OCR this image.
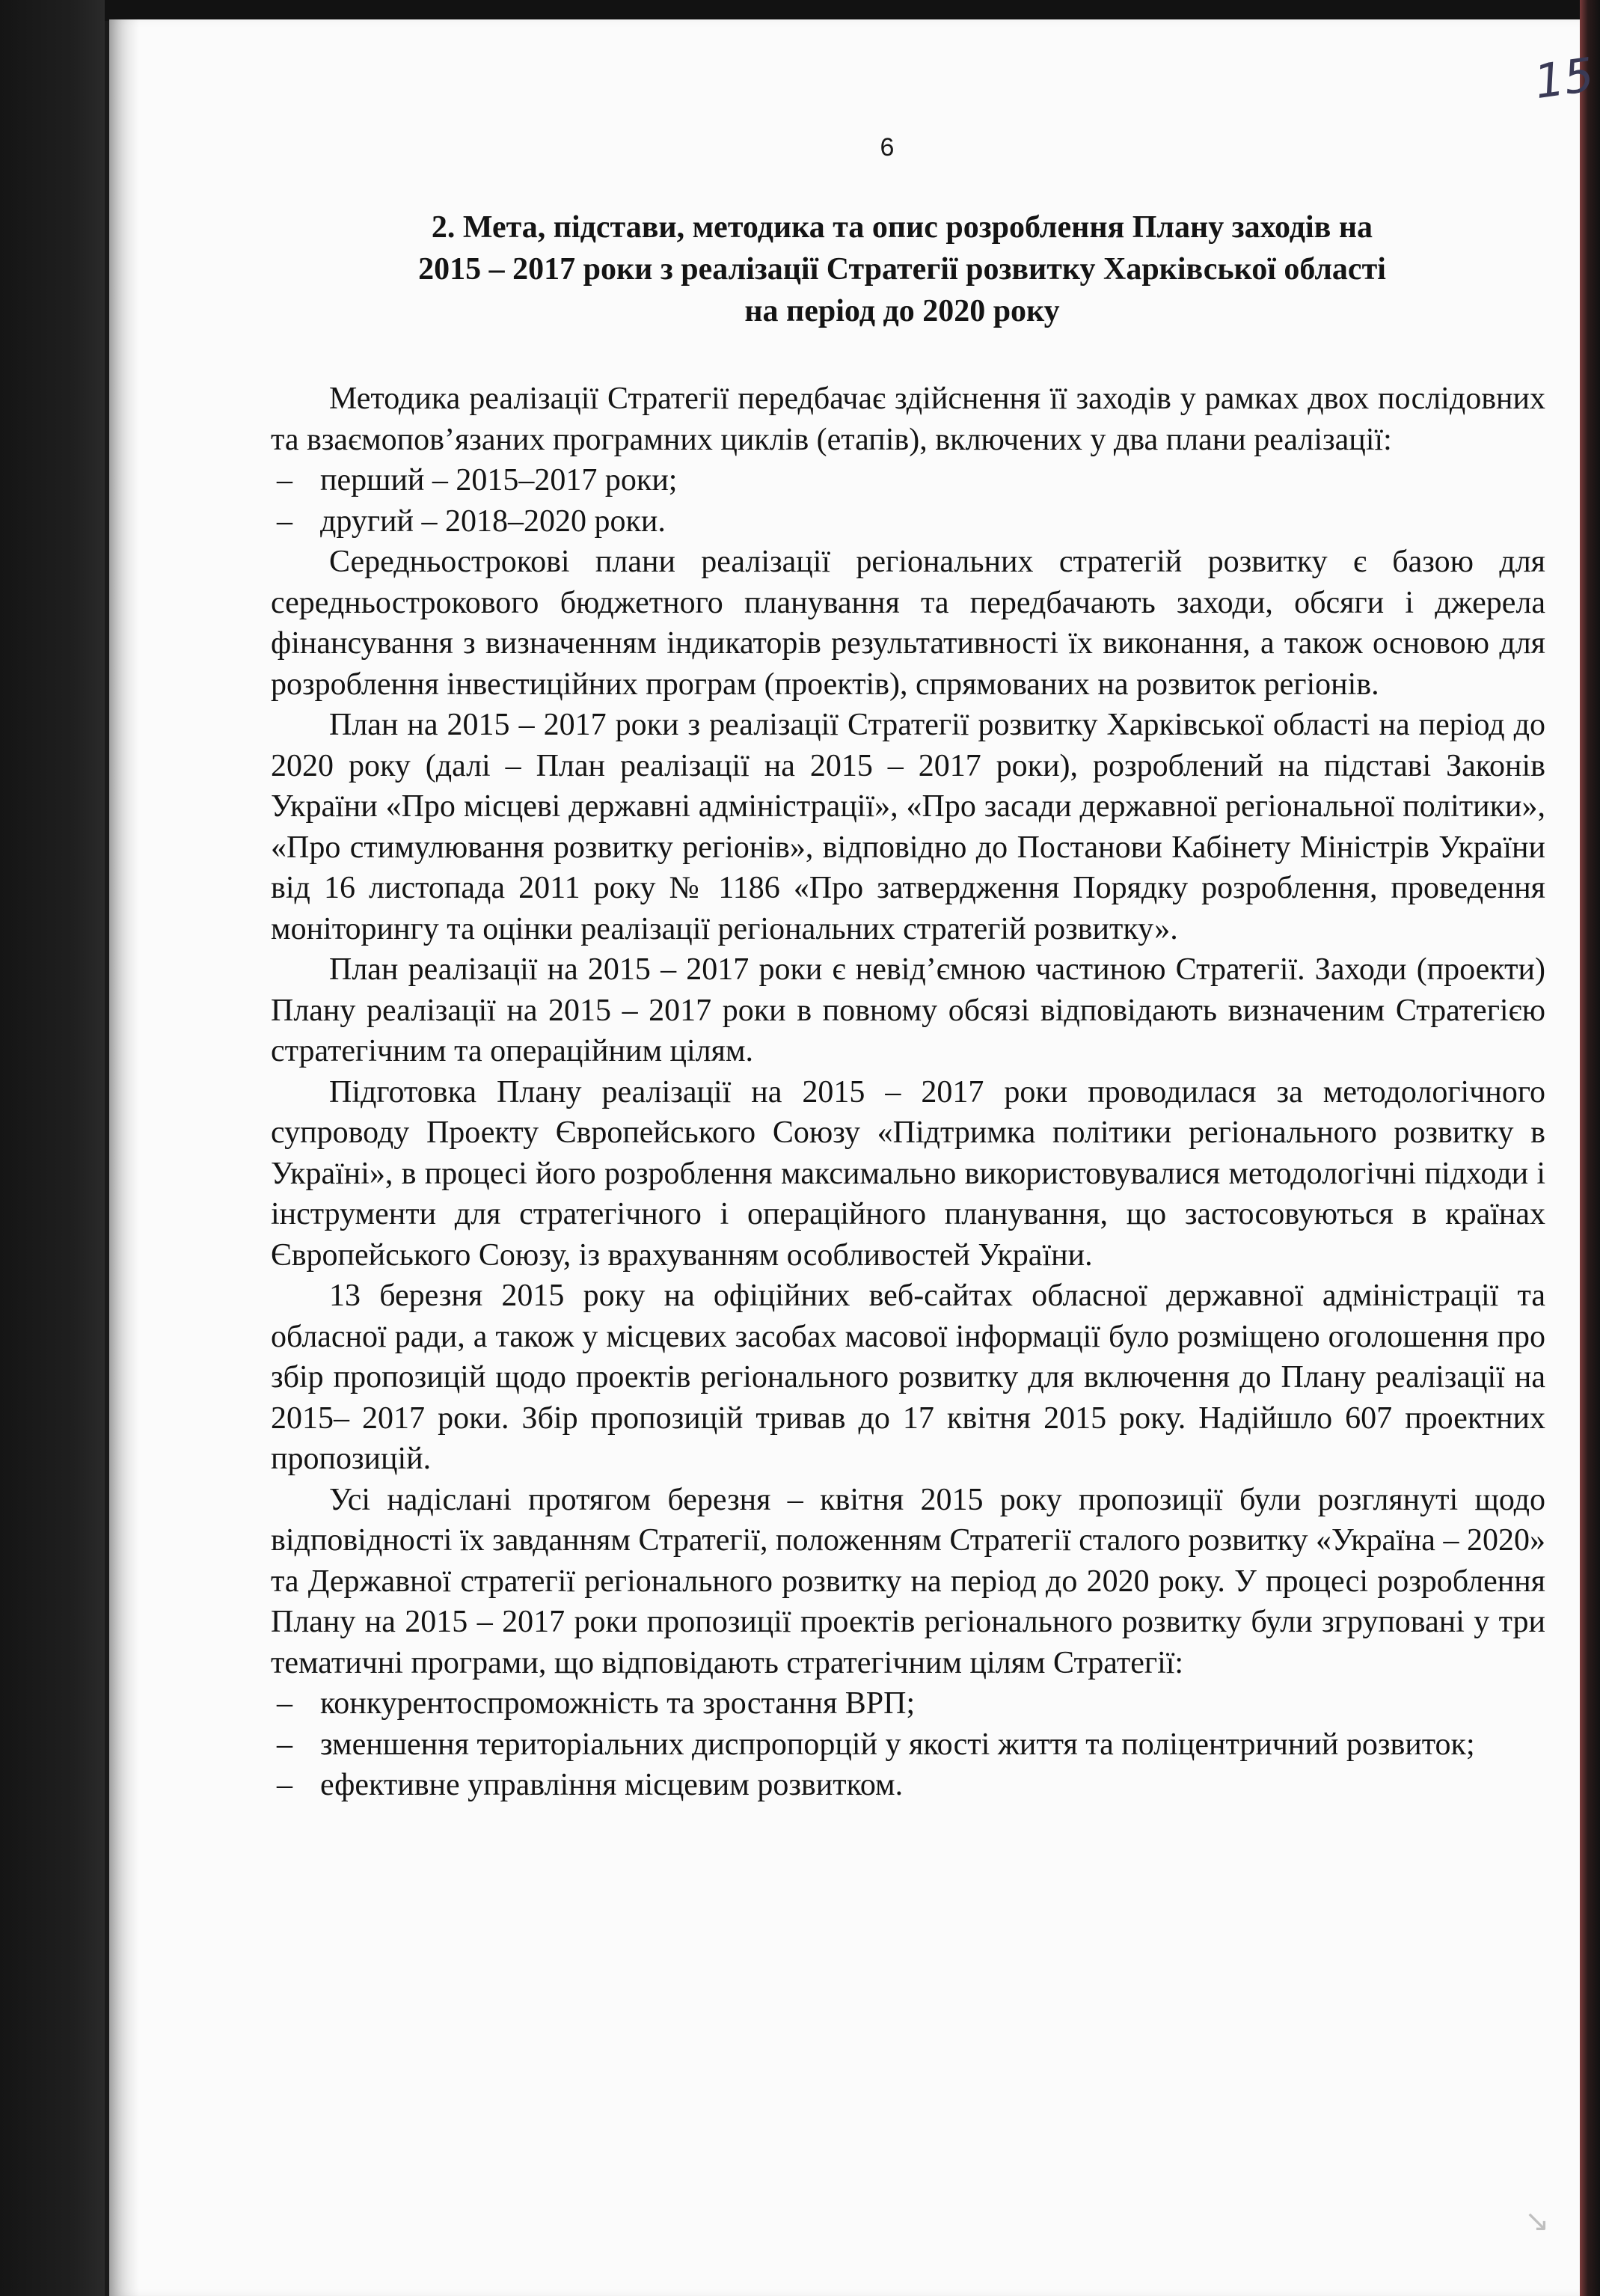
15
6
2. Мета, підстави, методика та опис розроблення Плану заходів на
2015 – 2017 роки з реалізації Стратегії розвитку Харківської області
на період до 2020 року

Методика реалізації Стратегії передбачає здійснення її заходів у рамках двох послідовних та взаємопов’язаних програмних циклів (етапів), включених у два плани реалізації:

– перший – 2015–2017 роки;
– другий – 2018–2020 роки.

Середньострокові плани реалізації регіональних стратегій розвитку є базою для середньострокового бюджетного планування та передбачають заходи, обсяги і джерела фінансування з визначенням індикаторів результативності їх виконання, а також основою для розроблення інвестиційних програм (проектів), спрямованих на розвиток регіонів.

План на 2015 – 2017 роки з реалізації Стратегії розвитку Харківської області на період до 2020 року (далі – План реалізації на 2015 – 2017 роки), розроблений на підставі Законів України «Про місцеві державні адміністрації», «Про засади державної регіональної політики», «Про стимулювання розвитку регіонів», відповідно до Постанови Кабінету Міністрів України від 16 листопада 2011 року № 1186 «Про затвердження Порядку розроблення, проведення моніторингу та оцінки реалізації регіональних стратегій розвитку».

План реалізації на 2015 – 2017 роки є невід’ємною частиною Стратегії. Заходи (проекти) Плану реалізації на 2015 – 2017 роки в повному обсязі відповідають визначеним Стратегією стратегічним та операційним цілям.

Підготовка Плану реалізації на 2015 – 2017 роки проводилася за методологічного супроводу Проекту Європейського Союзу «Підтримка політики регіонального розвитку в Україні», в процесі його розроблення максимально використовувалися методологічні підходи і інструменти для стратегічного і операційного планування, що застосовуються в країнах Європейського Союзу, із врахуванням особливостей України.

13 березня 2015 року на офіційних веб-сайтах обласної державної адміністрації та обласної ради, а також у місцевих засобах масової інформації було розміщено оголошення про збір пропозицій щодо проектів регіонального розвитку для включення до Плану реалізації на 2015– 2017 роки. Збір пропозицій тривав до 17 квітня 2015 року. Надійшло 607 проектних пропозицій.

Усі надіслані протягом березня – квітня 2015 року пропозиції були розглянуті щодо відповідності їх завданням Стратегії, положенням Стратегії сталого розвитку «Україна – 2020» та Державної стратегії регіонального розвитку на період до 2020 року. У процесі розроблення Плану на 2015 – 2017 роки пропозиції проектів регіонального розвитку були згруповані у три тематичні програми, що відповідають стратегічним цілям Стратегії:

– конкурентоспроможність та зростання ВРП;
– зменшення територіальних диспропорцій у якості життя та поліцентричний розвиток;
– ефективне управління місцевим розвитком.
↘
